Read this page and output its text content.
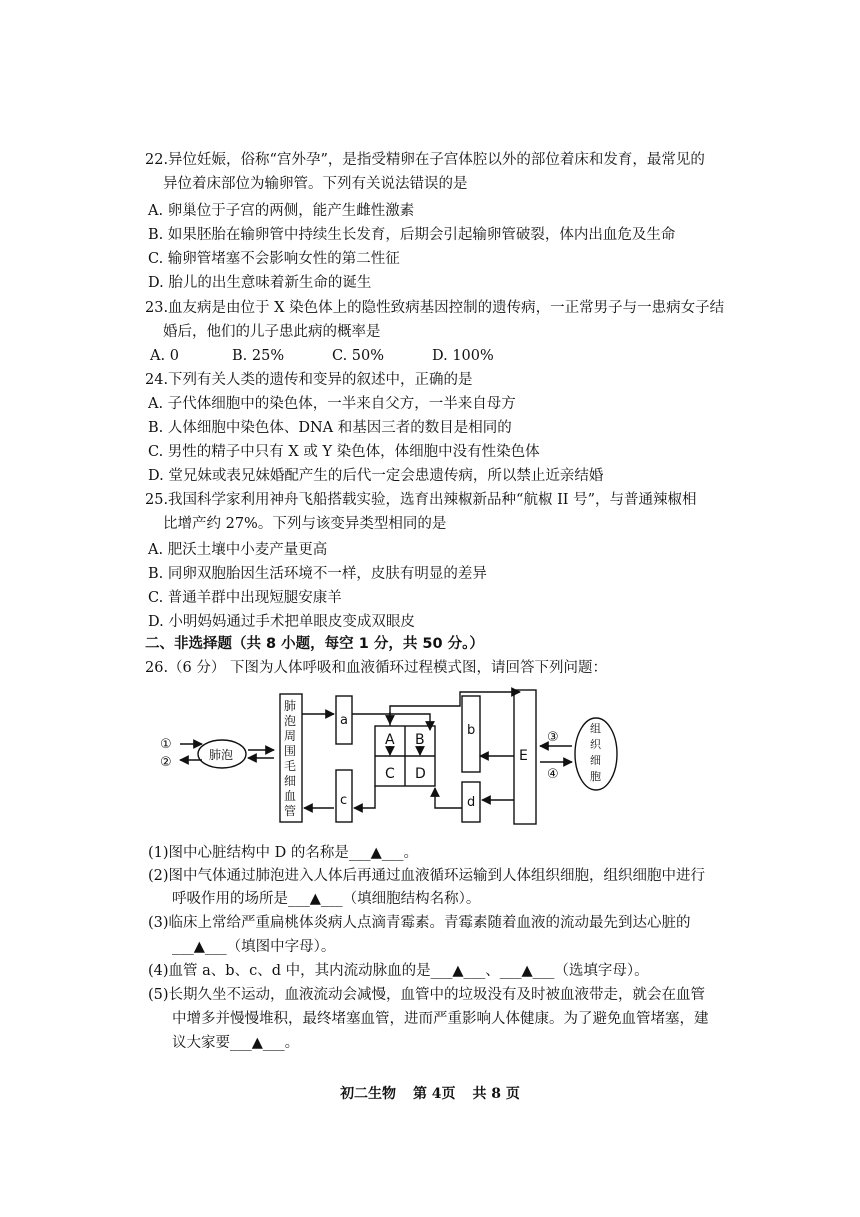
22.异位妊娠，俗称“宫外孕”，是指受精卵在子宫体腔以外的部位着床和发育，最常见的
异位着床部位为输卵管。下列有关说法错误的是
A. 卵巢位于子宫的两侧，能产生雌性激素
B. 如果胚胎在输卵管中持续生长发育，后期会引起输卵管破裂，体内出血危及生命
C. 输卵管堵塞不会影响女性的第二性征
D. 胎儿的出生意味着新生命的诞生
23.血友病是由位于 X 染色体上的隐性致病基因控制的遗传病，一正常男子与一患病女子结
婚后，他们的儿子患此病的概率是
A. 0	B. 25%	C. 50%	D. 100%
24.下列有关人类的遗传和变异的叙述中，正确的是
A. 子代体细胞中的染色体，一半来自父方，一半来自母方
B. 人体细胞中染色体、DNA 和基因三者的数目是相同的
C. 男性的精子中只有 X 或 Y 染色体，体细胞中没有性染色体
D. 堂兄妹或表兄妹婚配产生的后代一定会患遗传病，所以禁止近亲结婚
25.我国科学家利用神舟飞船搭载实验，选育出辣椒新品种“航椒 II 号”，与普通辣椒相
比增产约 27%。下列与该变异类型相同的是
A. 肥沃土壤中小麦产量更高
B. 同卵双胞胎因生活环境不一样，皮肤有明显的差异
C. 普通羊群中出现短腿安康羊
D. 小明妈妈通过手术把单眼皮变成双眼皮
二、非选择题（共 8 小题，每空 1 分，共 50 分。）
26.（6 分） 下图为人体呼吸和血液循环过程模式图，请回答下列问题：
①
②	肺泡
肺
泡
周
围
毛
细
血
管
a
c
A B
C D
b
d
E
③
④
组
织
细
胞
(1)图中心脏结构中 D 的名称是___▲___。
(2)图中气体通过肺泡进入人体后再通过血液循环运输到人体组织细胞，组织细胞中进行
呼吸作用的场所是___▲___（填细胞结构名称）。
(3)临床上常给严重扁桃体炎病人点滴青霉素。青霉素随着血液的流动最先到达心脏的
___▲___（填图中字母）。
(4)血管 a、b、c、d 中，其内流动脉血的是___▲___、___▲___（选填字母）。
(5)长期久坐不运动，血液流动会减慢，血管中的垃圾没有及时被血液带走，就会在血管
中增多并慢慢堆积，最终堵塞血管，进而严重影响人体健康。为了避免血管堵塞，建
议大家要___▲___。
初二生物 第 4页 共 8 页
